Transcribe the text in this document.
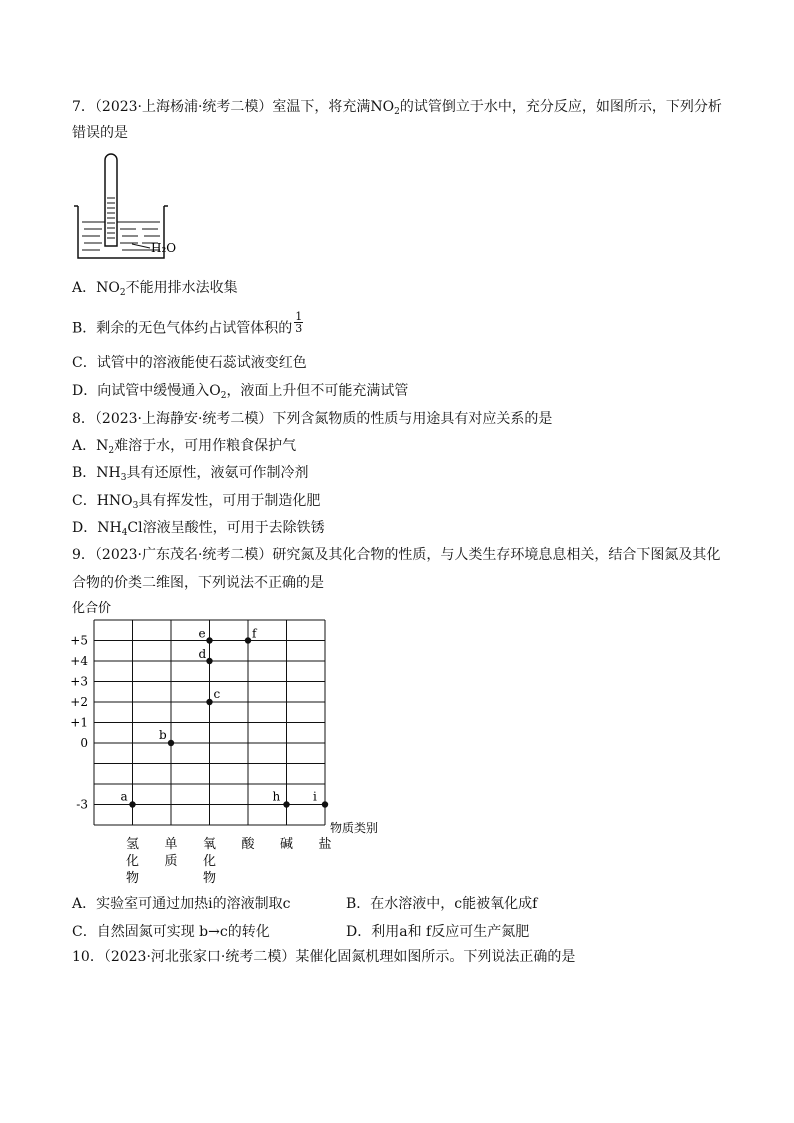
7．（2023·上海杨浦·统考二模）室温下，将充满$NO_2$的试管倒立于水中，充分反应，如图所示，下列分析
错误的是
H₂O
A．$NO_2$不能用排水法收集
B．剩余的无色气体约占试管体积的 $\frac{1}{3}$
C．试管中的溶液能使石蕊试液变红色
D．向试管中缓慢通入$O_2$，液面上升但不可能充满试管
8．（2023·上海静安·统考二模）下列含氮物质的性质与用途具有对应关系的是
A．$N_2$难溶于水，可用作粮食保护气
B．$NH_3$具有还原性，液氨可作制冷剂
C．$HNO_3$具有挥发性，可用于制造化肥
D．$NH_4Cl$溶液呈酸性，可用于去除铁锈
9．（2023·广东茂名·统考二模）研究氮及其化合物的性质，与人类生存环境息息相关，结合下图氮及其化
合物的价类二维图，下列说法不正确的是
化合价
+5
+4
+3
+2
+1
0
-3
氢化物
单质
氧化物
酸 碱 盐
a
b
c
d
e	f
h	i
物质类别
A．实验室可通过加热i的溶液制取c	B．在水溶液中，c能被氧化成f
C．自然固氮可实现 b→c的转化	D．利用a和 f反应可生产氮肥
10．（2023·河北张家口·统考二模）某催化固氮机理如图所示。下列说法正确的是
